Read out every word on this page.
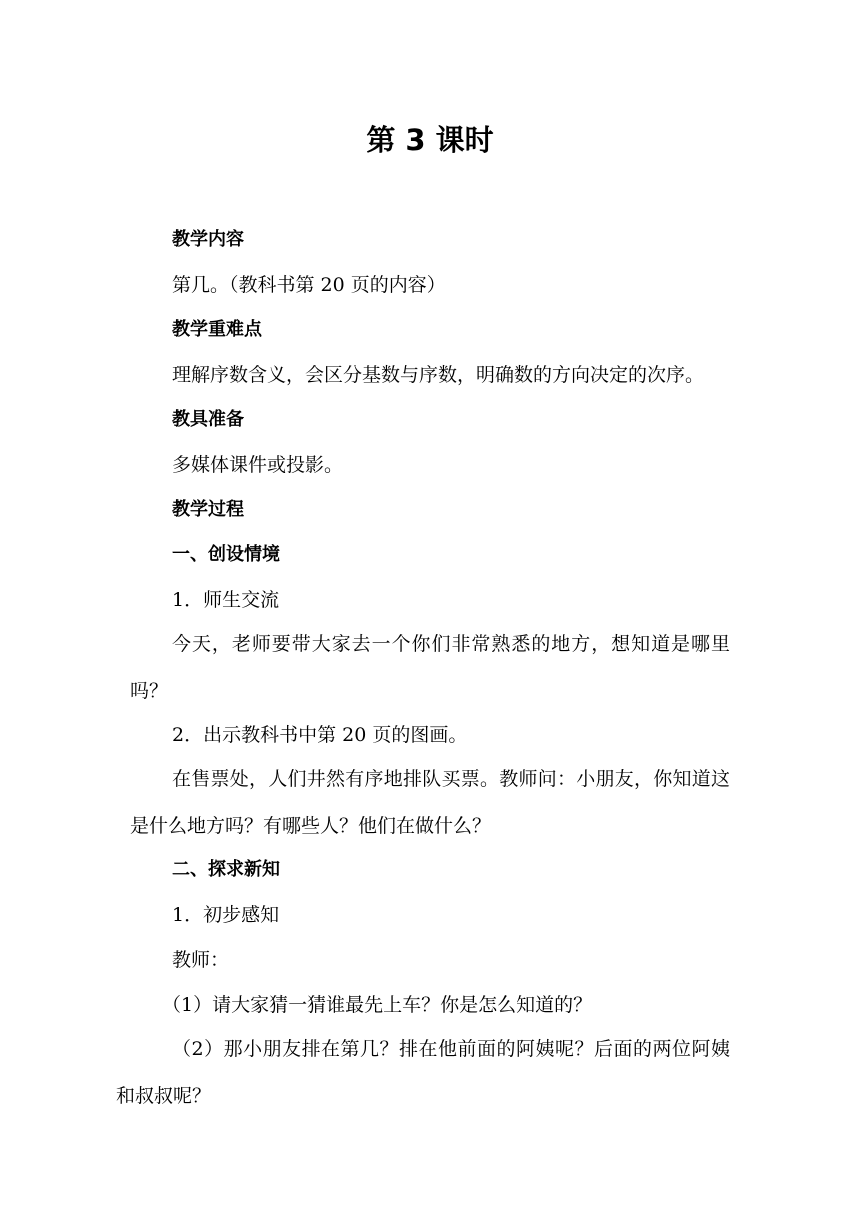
第 3 课时

教学内容

第几。（教科书第 20 页的内容）

教学重难点

理解序数含义，会区分基数与序数，明确数的方向决定的次序。

教具准备

多媒体课件或投影。

教学过程

一、创设情境

1．师生交流

今天，老师要带大家去一个你们非常熟悉的地方，想知道是哪里吗？

2．出示教科书中第 20 页的图画。

在售票处，人们井然有序地排队买票。教师问：小朋友，你知道这是什么地方吗？有哪些人？他们在做什么？

二、探求新知

1．初步感知

教师：

（1）请大家猜一猜谁最先上车？你是怎么知道的？

（2）那小朋友排在第几？排在他前面的阿姨呢？后面的两位阿姨和叔叔呢？
